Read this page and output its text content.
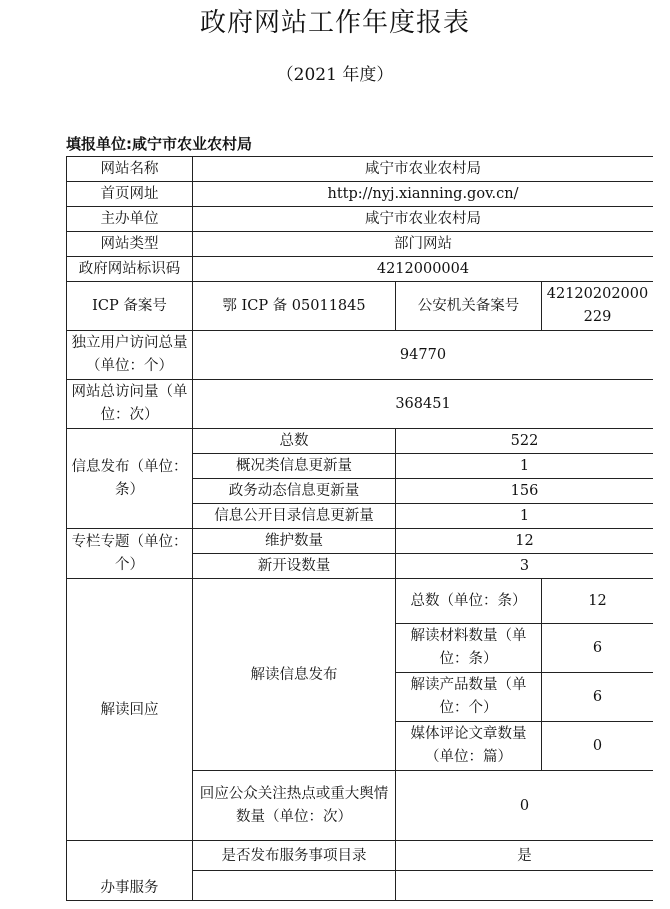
政府网站工作年度报表
（2021 年度）
填报单位:咸宁市农业农村局
网站名称	咸宁市农业农村局		
首页网址	http://nyj.xianning.gov.cn/		
主办单位	咸宁市农业农村局		
网站类型	部门网站		
政府网站标识码	4212000004		
ICP 备案号	鄂 ICP 备 05011845	公安机关备案号	42120202000229
独立用户访问总量（单位：个）	94770		
网站总访问量（单位：次）	368451		
信息发布（单位：条）	总数	522	
	概况类信息更新量	1	
	政务动态信息更新量	156	
	信息公开目录信息更新量	1	
专栏专题（单位：个）	维护数量	12	
	新开设数量	3	
解读回应	解读信息发布	总数（单位：条）	12
		解读材料数量（单位：条）	6
		解读产品数量（单位：个）	6
		媒体评论文章数量（单位：篇）	0
	回应公众关注热点或重大舆情数量（单位：次）	0	
办事服务	是否发布服务事项目录	是	
